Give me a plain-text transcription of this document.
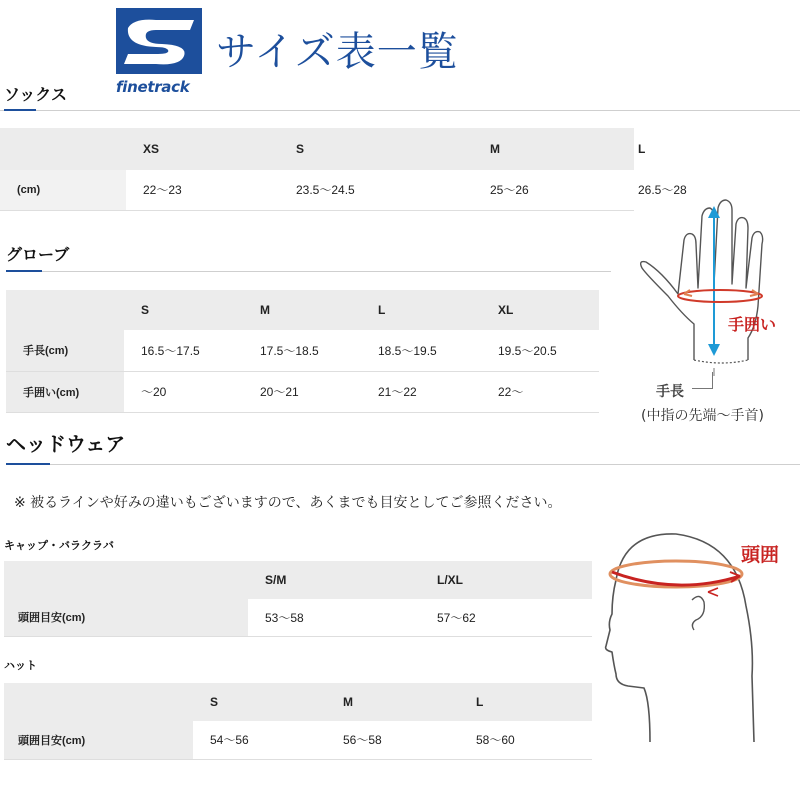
finetrack
サイズ表一覧
ソックス
	XS	S	M	L
(cm)	22〜23	23.5〜24.5	25〜26	26.5〜28
グローブ
	S	M	L	XL
手長(cm)	16.5〜17.5	17.5〜18.5	18.5〜19.5	19.5〜20.5
手囲い(cm)	〜20	20〜21	21〜22	22〜
手囲い
手長
(中指の先端〜手首)
ヘッドウェア
※ 被るラインや好みの違いもございますので、あくまでも目安としてご参照ください。
キャップ・バラクラバ
	S/M	L/XL
頭囲目安(cm)	53〜58	57〜62
ハット
	S	M	L
頭囲目安(cm)	54〜56	56〜58	58〜60
頭囲
